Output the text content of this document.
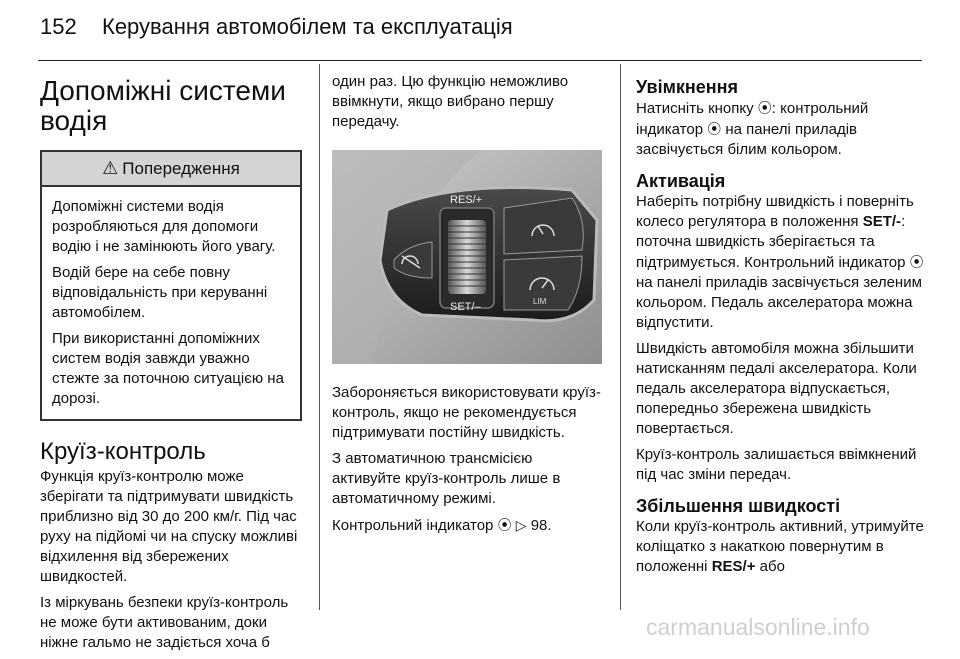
152 Керування автомобілем та експлуатація
Допоміжні системи
водія
⚠ Попередження

Допоміжні системи водія розробляються для допомоги водію і не замінюють його увагу.

Водій бере на себе повну відповідальність при керуванні автомобілем.

При використанні допоміжних систем водія завжди уважно стежте за поточною ситуацією на дорозі.

Круїз-контроль

Функція круїз-контролю може зберігати та підтримувати швидкість приблизно від 30 до 200 км/г. Під час руху на підйомі чи на спуску можливі відхилення від збережених швидкостей.

Із міркувань безпеки круїз-контроль не може бути активованим, доки ніжне гальмо не задіється хоча б

один раз. Цю функцію неможливо ввімкнути, якщо вибрано першу передачу.

RES/+
SET/–	LIM

Забороняється використовувати круїз-контроль, якщо не рекомендується підтримувати постійну швидкість.

З автоматичною трансмісією активуйте круїз-контроль лише в автоматичному режимі.

Контрольний індикатор ⦿ ▷ 98.

Увімкнення

Натисніть кнопку ⦿: контрольний індикатор ⦿ на панелі приладів засвічується білим кольором.

Активація

Наберіть потрібну швидкість і поверніть колесо регулятора в положення SET/-: поточна швидкість зберігається та підтримується. Контрольний індикатор ⦿ на панелі приладів засвічується зеленим кольором. Педаль акселератора можна відпустити.

Швидкість автомобіля можна збільшити натисканням педалі акселератора. Коли педаль акселератора відпускається, попередньо збережена швидкість повертається.

Круїз-контроль залишається ввімкнений під час зміни передач.

Збільшення швидкості

Коли круїз-контроль активний, утримуйте коліщатко з накаткою повернутим в положенні RES/+ або

carmanualsonline.info
